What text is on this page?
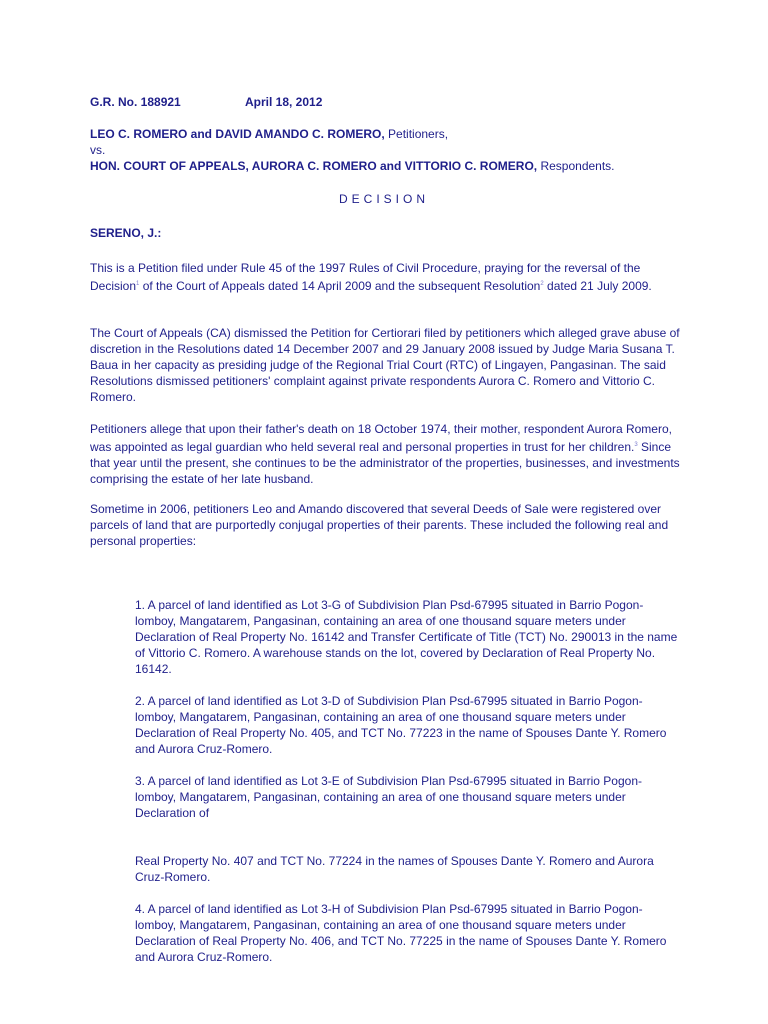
G.R. No. 188921	April 18, 2012
LEO C. ROMERO and DAVID AMANDO C. ROMERO, Petitioners,
vs.
HON. COURT OF APPEALS, AURORA C. ROMERO and VITTORIO C. ROMERO, Respondents.
DECISION
SERENO, J.:
This is a Petition filed under Rule 45 of the 1997 Rules of Civil Procedure, praying for the reversal of the Decision$^1$ of the Court of Appeals dated 14 April 2009 and the subsequent Resolution$^2$ dated 21 July 2009.
The Court of Appeals (CA) dismissed the Petition for Certiorari filed by petitioners which alleged grave abuse of discretion in the Resolutions dated 14 December 2007 and 29 January 2008 issued by Judge Maria Susana T. Baua in her capacity as presiding judge of the Regional Trial Court (RTC) of Lingayen, Pangasinan. The said Resolutions dismissed petitioners' complaint against private respondents Aurora C. Romero and Vittorio C. Romero.
Petitioners allege that upon their father's death on 18 October 1974, their mother, respondent Aurora Romero, was appointed as legal guardian who held several real and personal properties in trust for her children.$^3$ Since that year until the present, she continues to be the administrator of the properties, businesses, and investments comprising the estate of her late husband.
Sometime in 2006, petitioners Leo and Amando discovered that several Deeds of Sale were registered over parcels of land that are purportedly conjugal properties of their parents. These included the following real and personal properties:
1. A parcel of land identified as Lot 3-G of Subdivision Plan Psd-67995 situated in Barrio Pogon-lomboy, Mangatarem, Pangasinan, containing an area of one thousand square meters under Declaration of Real Property No. 16142 and Transfer Certificate of Title (TCT) No. 290013 in the name of Vittorio C. Romero. A warehouse stands on the lot, covered by Declaration of Real Property No. 16142.
2. A parcel of land identified as Lot 3-D of Subdivision Plan Psd-67995 situated in Barrio Pogon-lomboy, Mangatarem, Pangasinan, containing an area of one thousand square meters under Declaration of Real Property No. 405, and TCT No. 77223 in the name of Spouses Dante Y. Romero and Aurora Cruz-Romero.
3. A parcel of land identified as Lot 3-E of Subdivision Plan Psd-67995 situated in Barrio Pogon-lomboy, Mangatarem, Pangasinan, containing an area of one thousand square meters under Declaration of
Real Property No. 407 and TCT No. 77224 in the names of Spouses Dante Y. Romero and Aurora Cruz-Romero.
4. A parcel of land identified as Lot 3-H of Subdivision Plan Psd-67995 situated in Barrio Pogon-lomboy, Mangatarem, Pangasinan, containing an area of one thousand square meters under Declaration of Real Property No. 406, and TCT No. 77225 in the name of Spouses Dante Y. Romero and Aurora Cruz-Romero.
